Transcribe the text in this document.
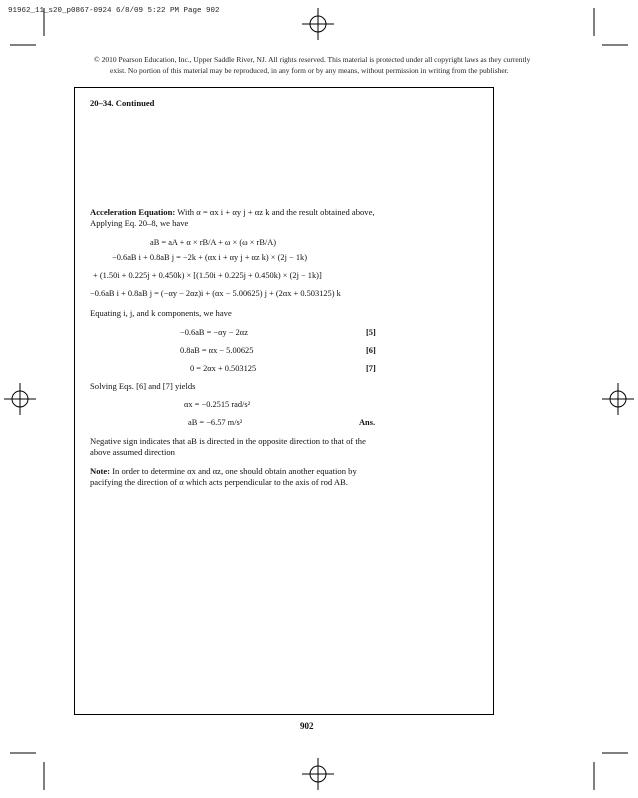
91962_11_s20_p0867-0924 6/8/09 5:22 PM Page 902
© 2010 Pearson Education, Inc., Upper Saddle River, NJ. All rights reserved. This material is protected under all copyright laws as they currently
exist. No portion of this material may be reproduced, in any form or by any means, without permission in writing from the publisher.
20–34. Continued
Acceleration Equation: With α = αx i + αy j + αz k and the result obtained above,
Applying Eq. 20–8, we have
aB = aA + α × rB/A + ω × (ω × rB/A)
−0.6aB i + 0.8aB j = −2k + (αx i + αy j + αz k) × (2j − 1k)
+ (1.50i + 0.225j + 0.450k) × [(1.50i + 0.225j + 0.450k) × (2j − 1k)]
−0.6aB i + 0.8aB j = (−αy − 2αz)i + (αx − 5.00625) j + (2αx + 0.503125) k
Equating i, j, and k components, we have
−0.6aB = −αy − 2αz	[5]
0.8aB = αx − 5.00625	[6]
0 = 2αx + 0.503125	[7]
Solving Eqs. [6] and [7] yields
αx = −0.2515 rad/s²
aB = −6.57 m/s²	Ans.
Negative sign indicates that aB is directed in the opposite direction to that of the
above assumed direction
Note: In order to determine αx and αz, one should obtain another equation by
pacifying the direction of α which acts perpendicular to the axis of rod AB.
902
